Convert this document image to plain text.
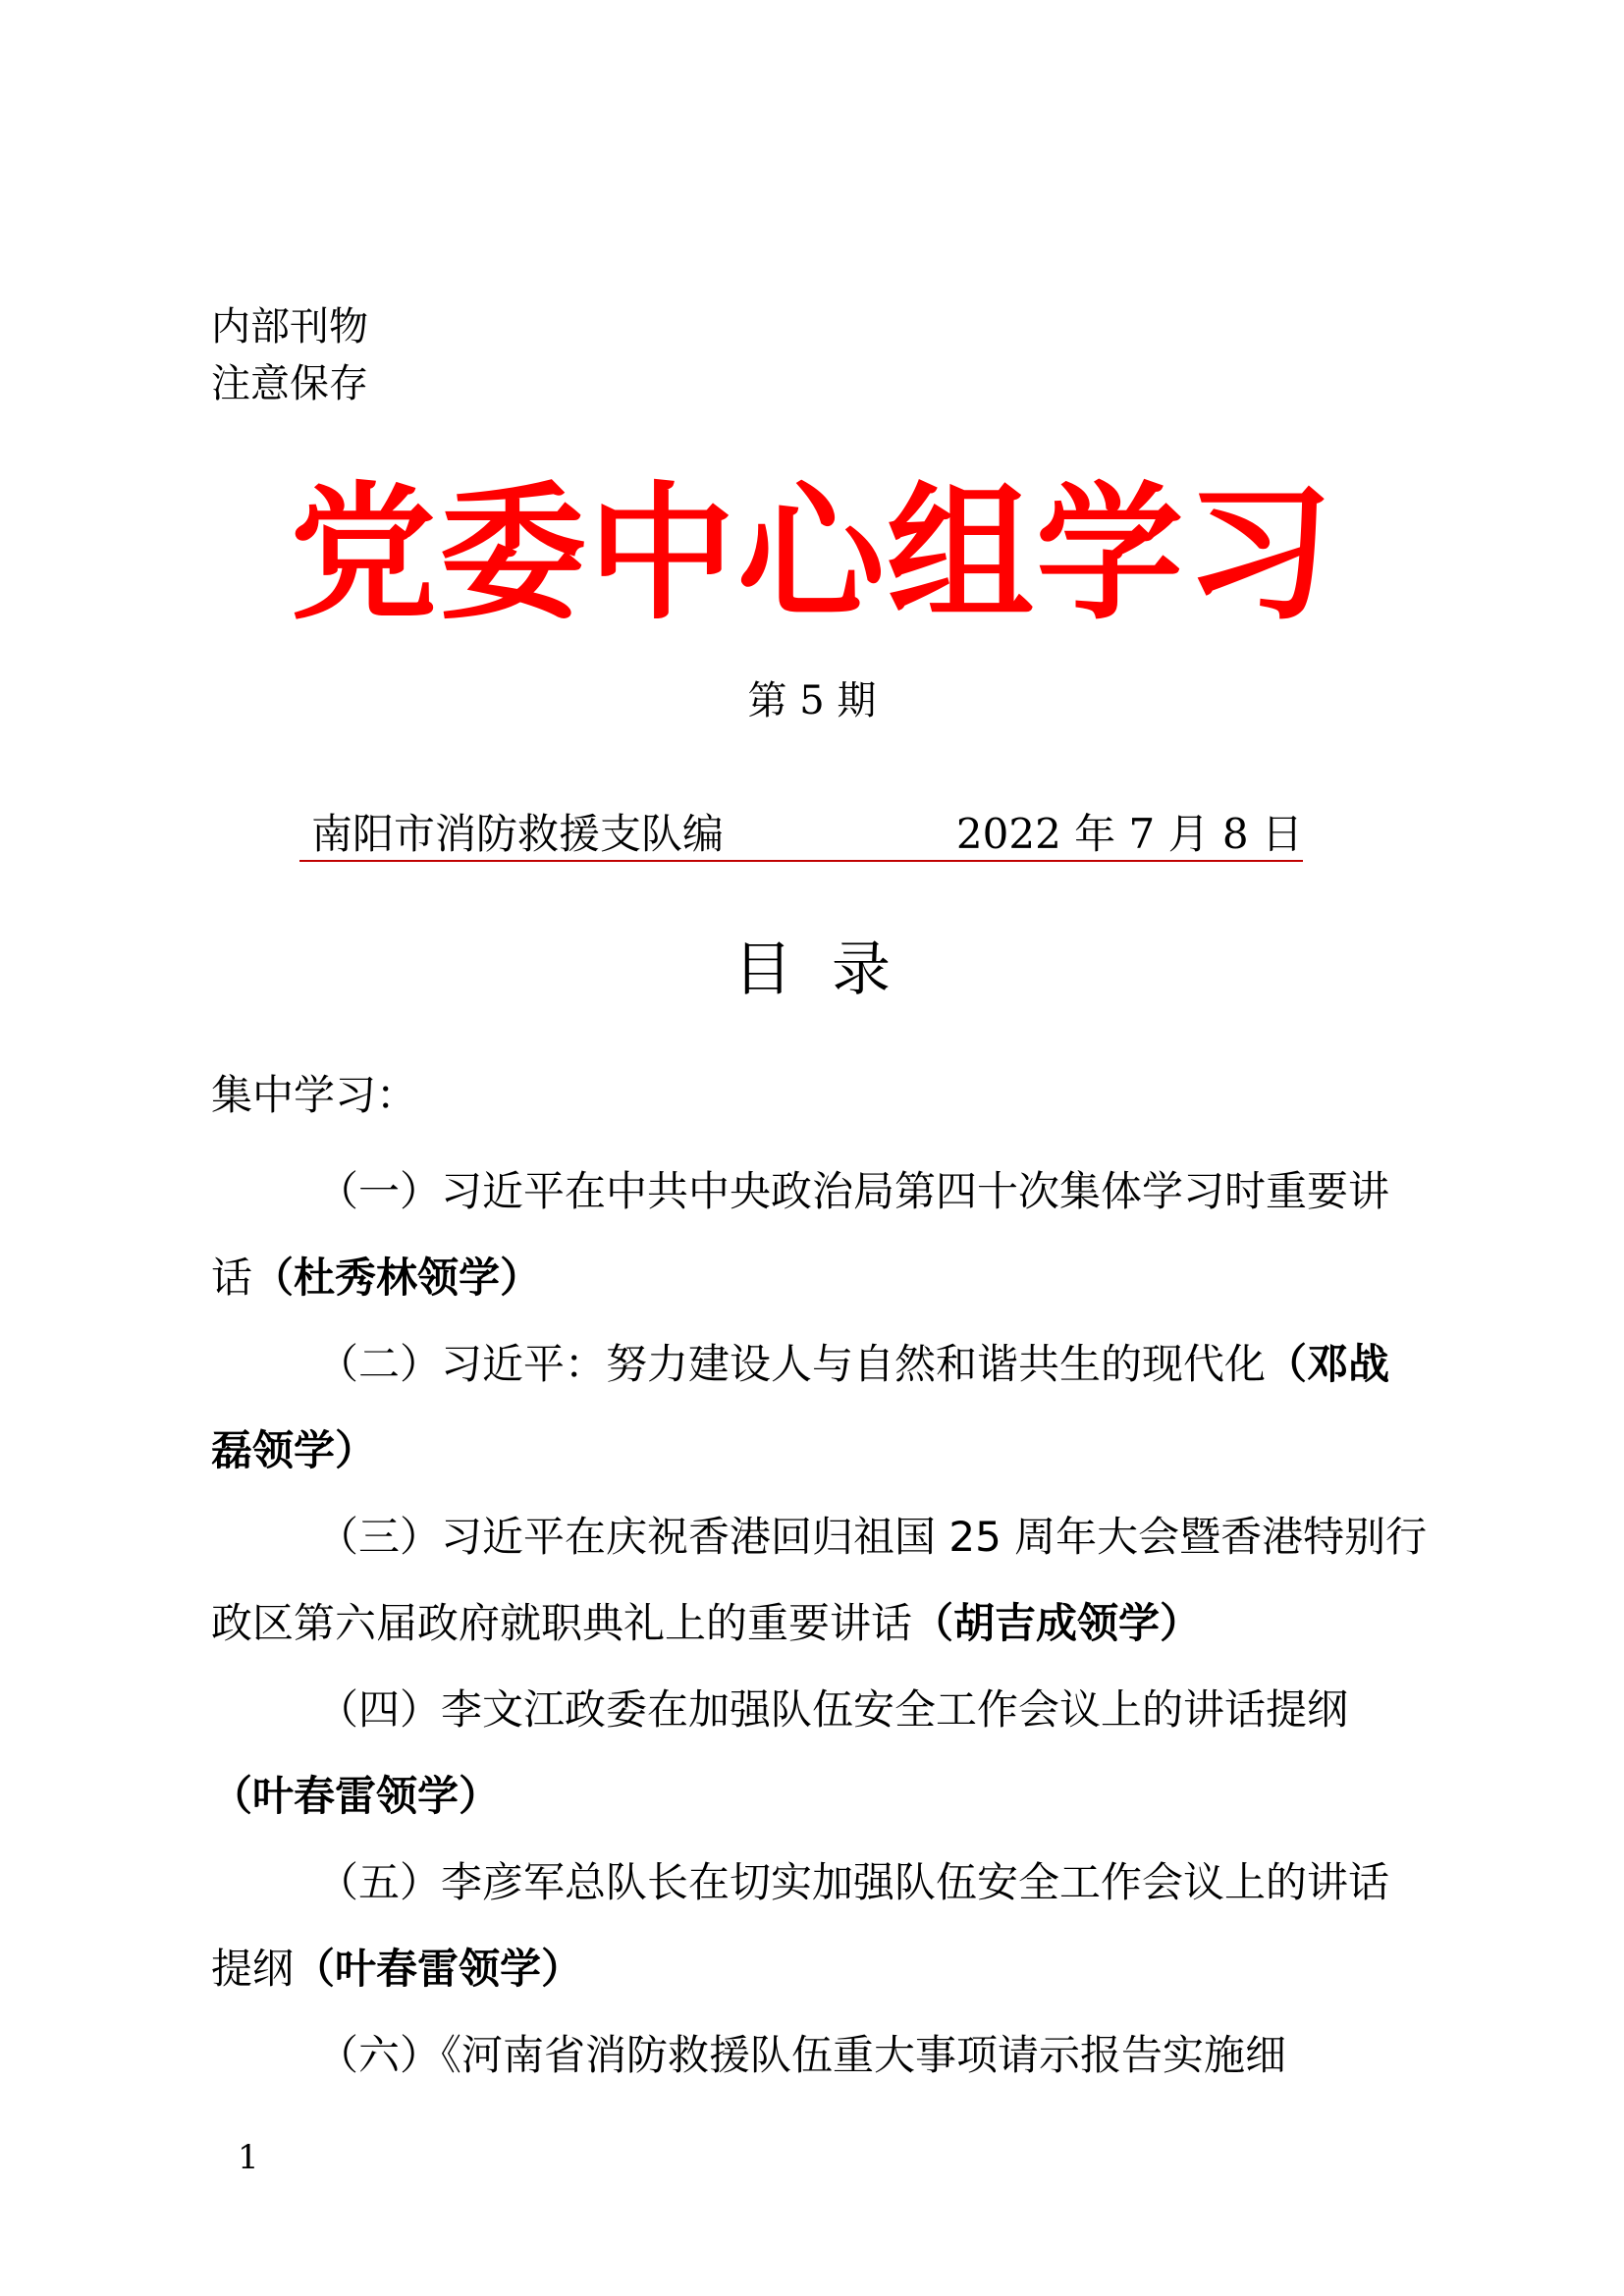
内部刊物
注意保存
党委中心组学习
第 5 期
南阳市消防救援支队编	2022 年 7 月 8 日
目录
集中学习：

（一）习近平在中共中央政治局第四十次集体学习时重要讲话（杜秀林领学）

（二）习近平：努力建设人与自然和谐共生的现代化（邓战磊领学）

（三）习近平在庆祝香港回归祖国 25 周年大会暨香港特别行政区第六届政府就职典礼上的重要讲话（胡吉成领学）

（四）李文江政委在加强队伍安全工作会议上的讲话提纲（叶春雷领学）

（五）李彦军总队长在切实加强队伍安全工作会议上的讲话提纲（叶春雷领学）

（六）《河南省消防救援队伍重大事项请示报告实施细

1
